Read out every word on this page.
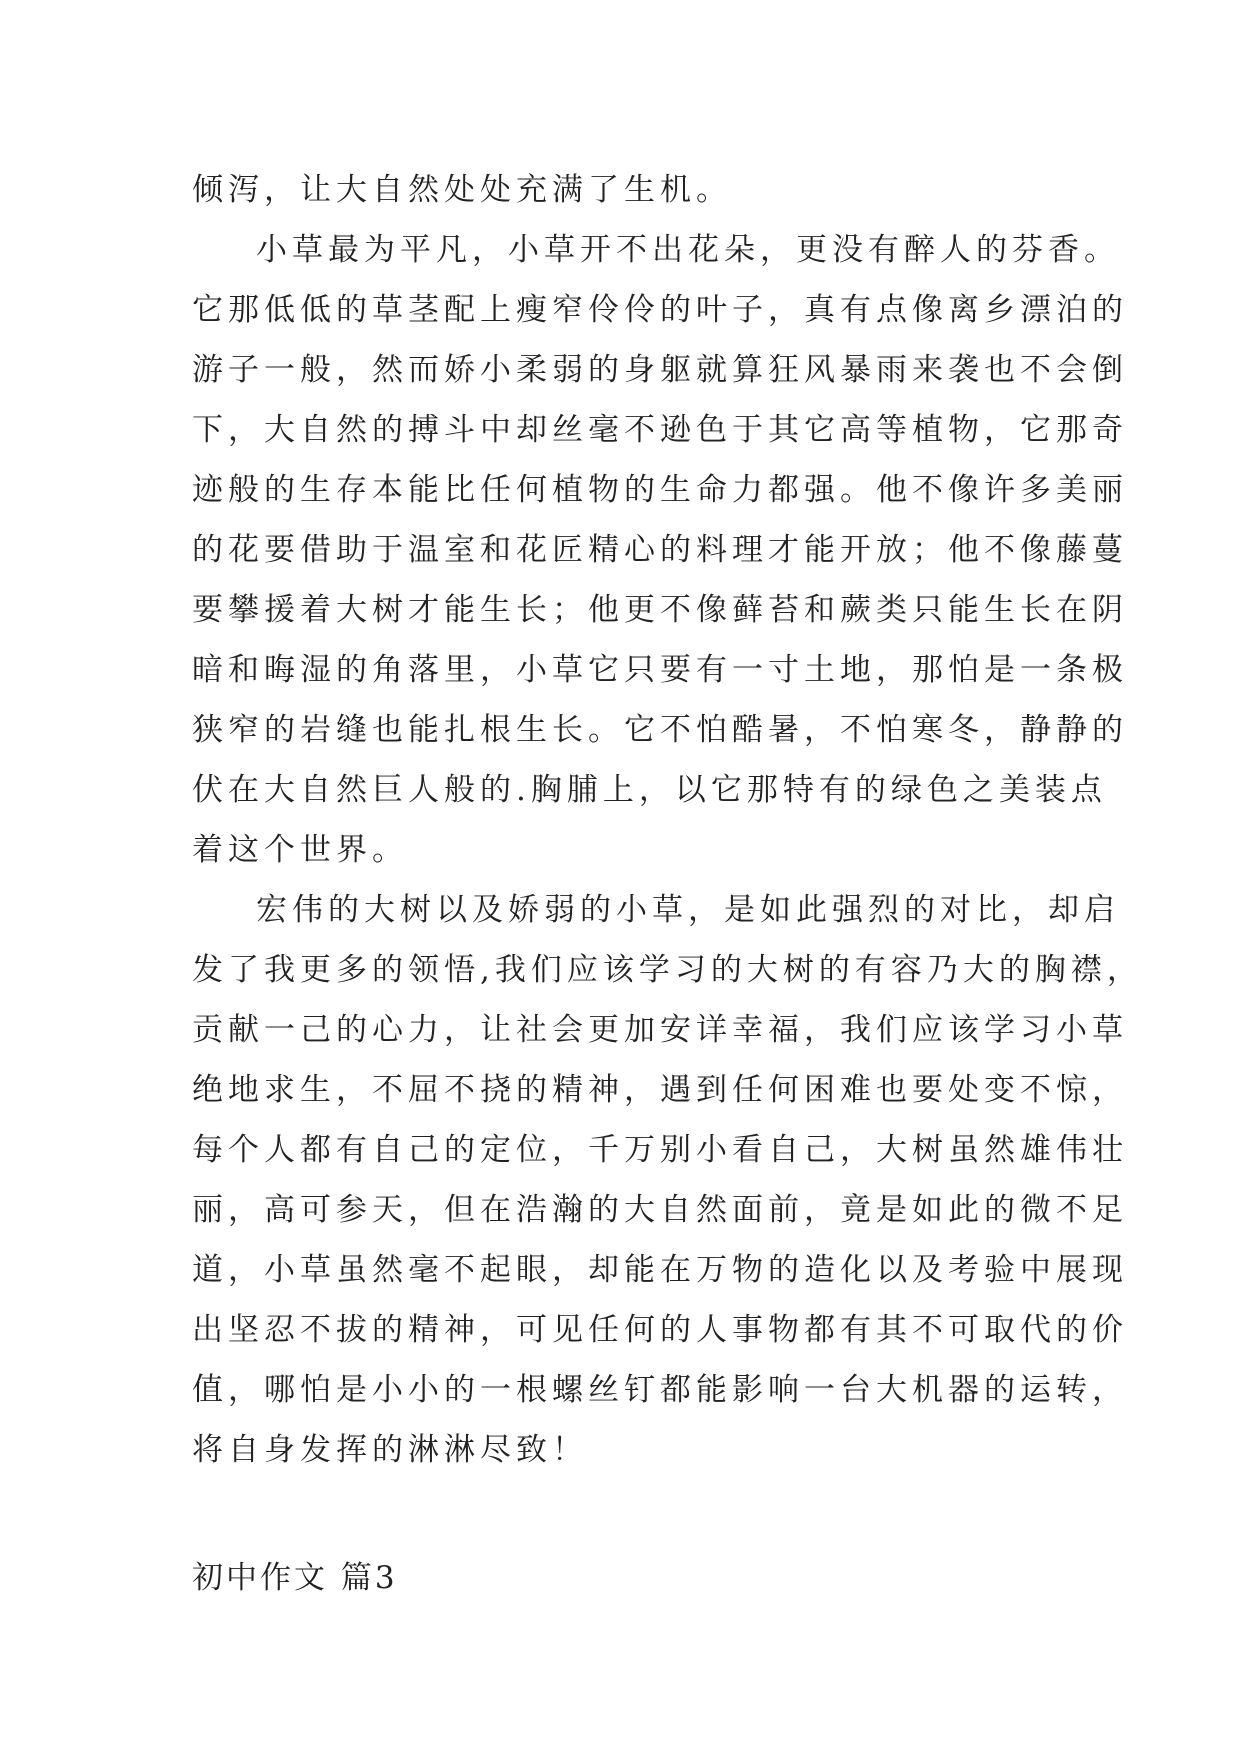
倾泻，让大自然处处充满了生机。
小草最为平凡，小草开不出花朵，更没有醉人的芬香。
它那低低的草茎配上瘦窄伶伶的叶子，真有点像离乡漂泊的
游子一般，然而娇小柔弱的身躯就算狂风暴雨来袭也不会倒
下，大自然的搏斗中却丝毫不逊色于其它高等植物，它那奇
迹般的生存本能比任何植物的生命力都强。他不像许多美丽
的花要借助于温室和花匠精心的料理才能开放；他不像藤蔓
要攀援着大树才能生长；他更不像藓苔和蕨类只能生长在阴
暗和晦湿的角落里，小草它只要有一寸土地，那怕是一条极
狭窄的岩缝也能扎根生长。它不怕酷暑，不怕寒冬，静静的
伏在大自然巨人般的.胸脯上，以它那特有的绿色之美装点
着这个世界。
宏伟的大树以及娇弱的小草，是如此强烈的对比，却启
发了我更多的领悟,我们应该学习的大树的有容乃大的胸襟，
贡献一己的心力，让社会更加安详幸福，我们应该学习小草
绝地求生，不屈不挠的精神，遇到任何困难也要处变不惊，
每个人都有自己的定位，千万别小看自己，大树虽然雄伟壮
丽，高可参天，但在浩瀚的大自然面前，竟是如此的微不足
道，小草虽然毫不起眼，却能在万物的造化以及考验中展现
出坚忍不拔的精神，可见任何的人事物都有其不可取代的价
值，哪怕是小小的一根螺丝钉都能影响一台大机器的运转，
将自身发挥的淋淋尽致！
初中作文 篇3
